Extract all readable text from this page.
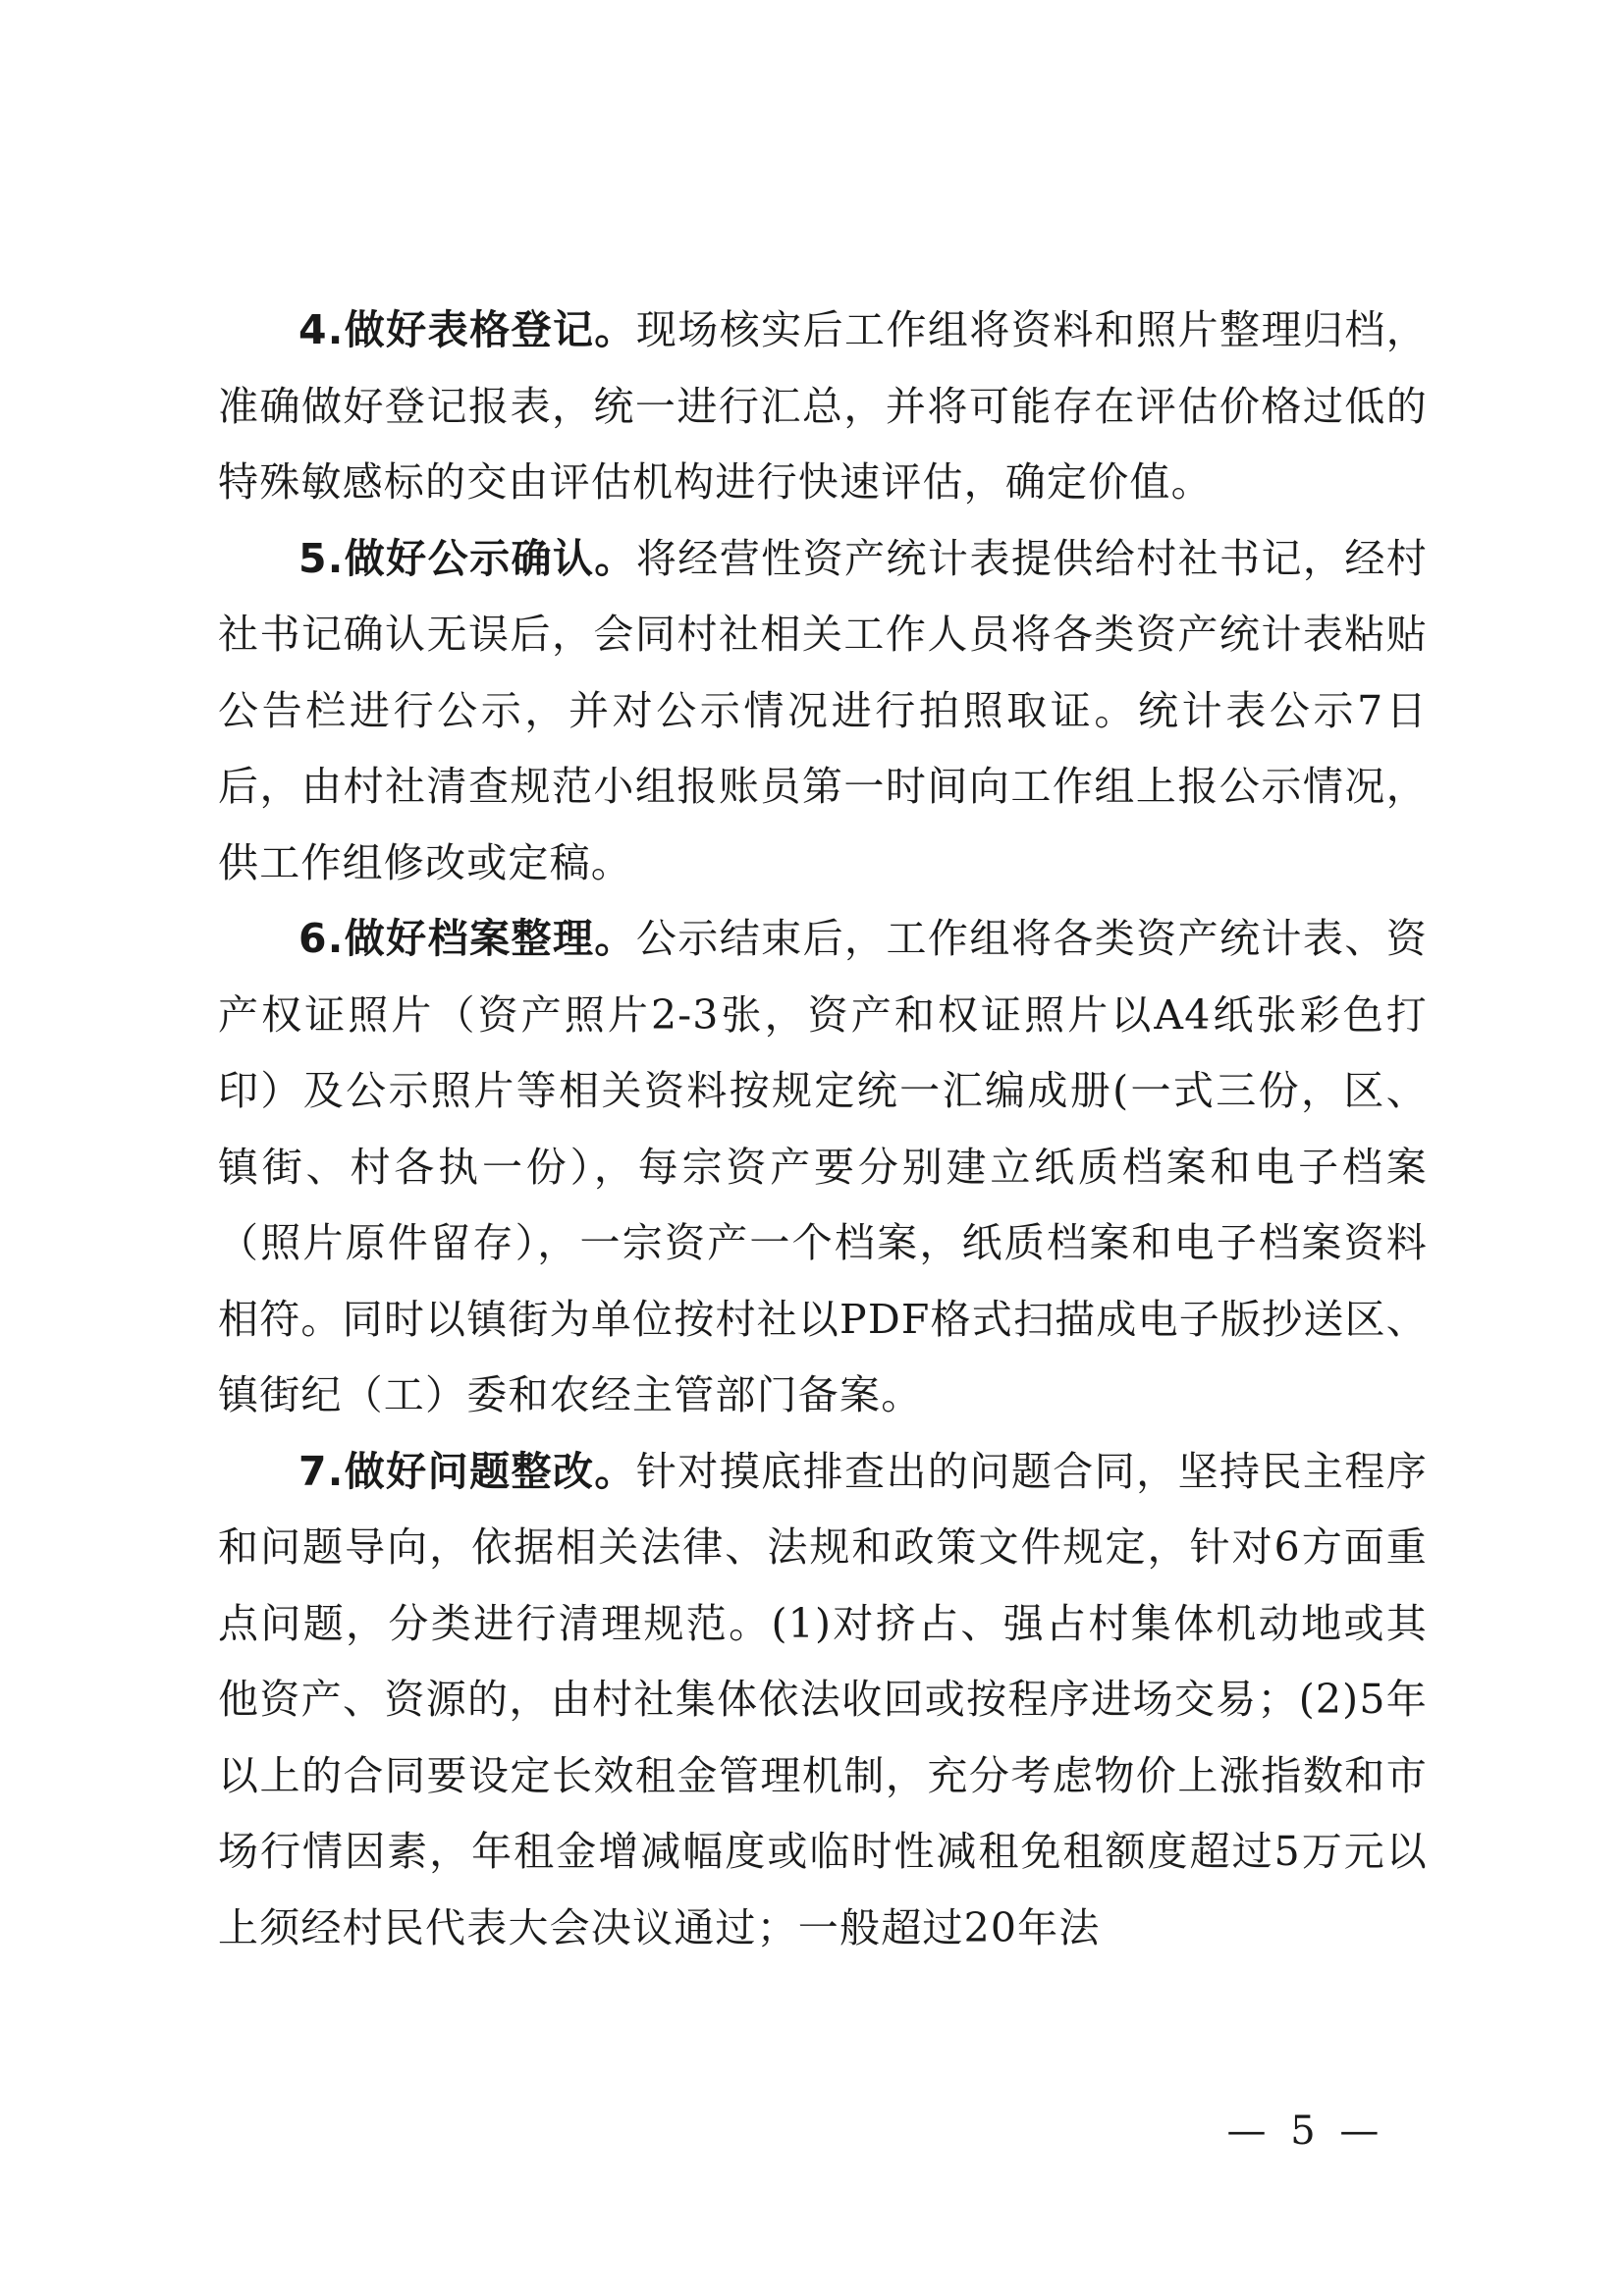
4.做好表格登记。现场核实后工作组将资料和照片整理归档，准确做好登记报表，统一进行汇总，并将可能存在评估价格过低的特殊敏感标的交由评估机构进行快速评估，确定价值。

5.做好公示确认。将经营性资产统计表提供给村社书记，经村社书记确认无误后，会同村社相关工作人员将各类资产统计表粘贴公告栏进行公示，并对公示情况进行拍照取证。统计表公示7日后，由村社清查规范小组报账员第一时间向工作组上报公示情况，供工作组修改或定稿。

6.做好档案整理。公示结束后，工作组将各类资产统计表、资产权证照片（资产照片2-3张，资产和权证照片以A4纸张彩色打印）及公示照片等相关资料按规定统一汇编成册(一式三份，区、镇街、村各执一份），每宗资产要分别建立纸质档案和电子档案（照片原件留存），一宗资产一个档案，纸质档案和电子档案资料相符。同时以镇街为单位按村社以PDF格式扫描成电子版抄送区、镇街纪（工）委和农经主管部门备案。

7.做好问题整改。针对摸底排查出的问题合同，坚持民主程序和问题导向，依据相关法律、法规和政策文件规定，针对6方面重点问题，分类进行清理规范。(1)对挤占、强占村集体机动地或其他资产、资源的，由村社集体依法收回或按程序进场交易；(2)5年以上的合同要设定长效租金管理机制，充分考虑物价上涨指数和市场行情因素，年租金增减幅度或临时性减租免租额度超过5万元以上须经村民代表大会决议通过；一般超过20年法

— 5 —
